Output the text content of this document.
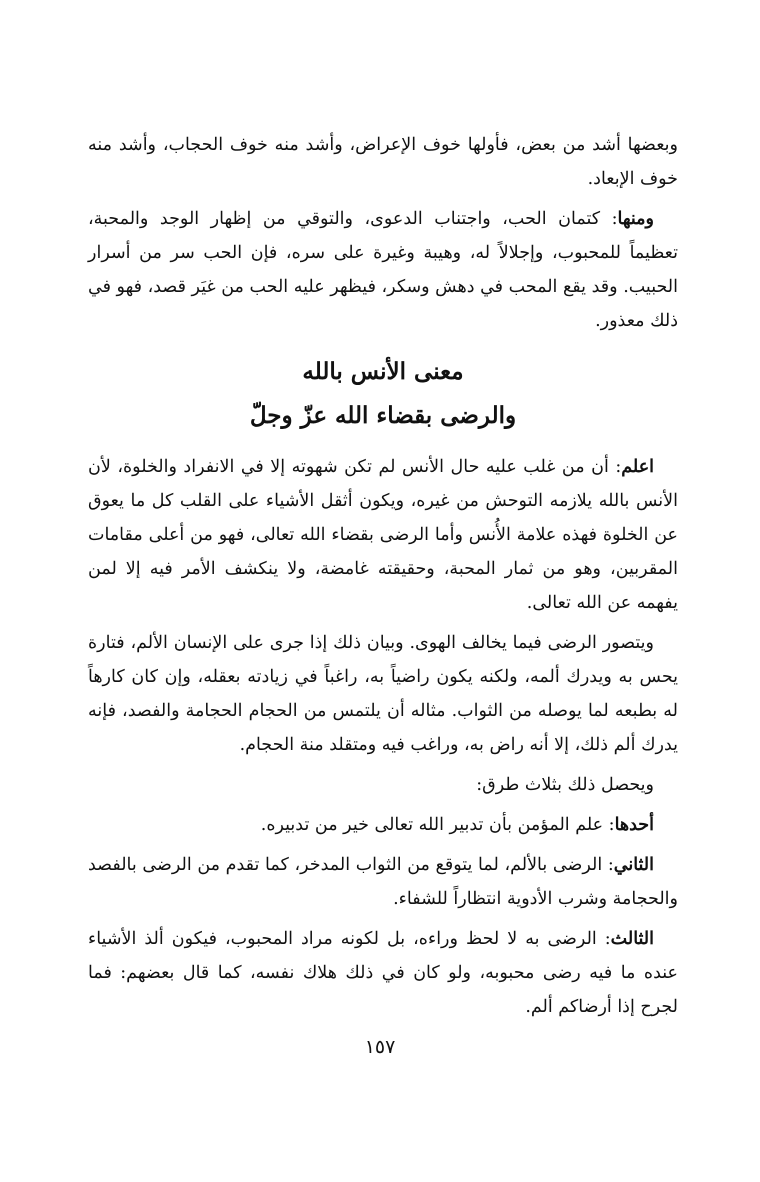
وبعضها أشد من بعض، فأولها خوف الإعراض، وأشد منه خوف الحجاب، وأشد منه خوف الإبعاد.

ومنها: كتمان الحب، واجتناب الدعوى، والتوقي من إظهار الوجد والمحبة، تعظيماً للمحبوب، وإجلالاً له، وهيبة وغيرة على سره، فإن الحب سر من أسرار الحبيب. وقد يقع المحب في دهش وسكر، فيظهر عليه الحب من غيَر قصد، فهو في ذلك معذور.

معنى الأنس بالله

والرضى بقضاء الله عزّ وجلّ

اعلم: أن من غلب عليه حال الأنس لم تكن شهوته إلا في الانفراد والخلوة، لأن الأنس بالله يلازمه التوحش من غيره، ويكون أثقل الأشياء على القلب كل ما يعوق عن الخلوة فهذه علامة الأُنس وأما الرضى بقضاء الله تعالى، فهو من أعلى مقامات المقربين، وهو من ثمار المحبة، وحقيقته غامضة، ولا ينكشف الأمر فيه إلا لمن يفهمه عن الله تعالى.

ويتصور الرضى فيما يخالف الهوى. وبيان ذلك إذا جرى على الإنسان الألم، فتارة يحس به ويدرك ألمه، ولكنه يكون راضياً به، راغباً في زيادته بعقله، وإن كان كارهاً له بطبعه لما يوصله من الثواب. مثاله أن يلتمس من الحجام الحجامة والفصد، فإنه يدرك ألم ذلك، إلا أنه راض به، وراغب فيه ومتقلد منة الحجام.

ويحصل ذلك بثلاث طرق:

أحدها: علم المؤمن بأن تدبير الله تعالى خير من تدبيره.

الثاني: الرضى بالألم، لما يتوقع من الثواب المدخر، كما تقدم من الرضى بالفصد والحجامة وشرب الأدوية انتظاراً للشفاء.

الثالث: الرضى به لا لحظ وراءه، بل لكونه مراد المحبوب، فيكون ألذ الأشياء عنده ما فيه رضى محبوبه، ولو كان في ذلك هلاك نفسه، كما قال بعضهم: فما لجرح إذا أرضاكم ألم.

١٥٧
